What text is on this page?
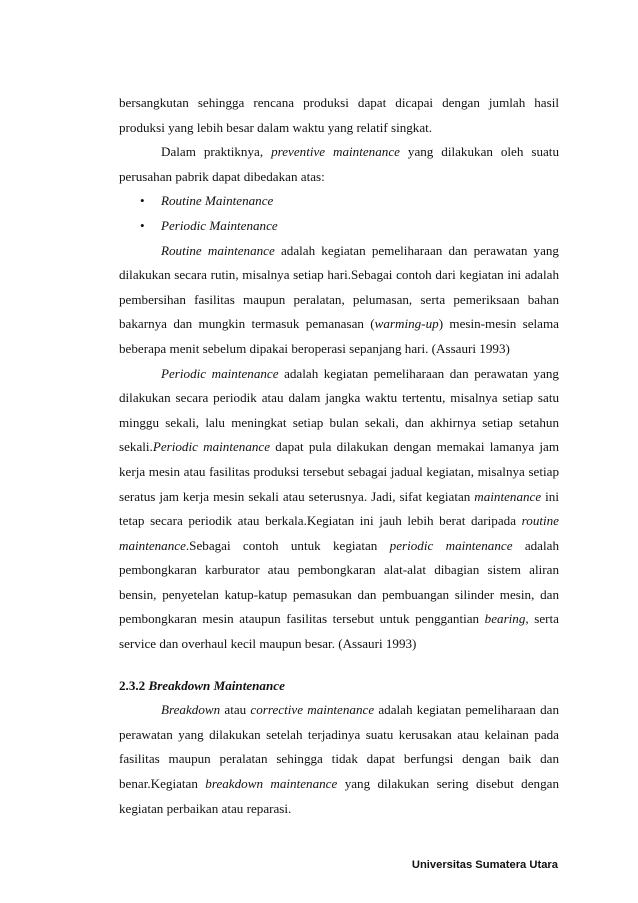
bersangkutan sehingga rencana produksi dapat dicapai dengan jumlah hasil produksi yang lebih besar dalam waktu yang relatif singkat.

Dalam praktiknya, preventive maintenance yang dilakukan oleh suatu perusahan pabrik dapat dibedakan atas:

• Routine Maintenance
• Periodic Maintenance

Routine maintenance adalah kegiatan pemeliharaan dan perawatan yang dilakukan secara rutin, misalnya setiap hari.Sebagai contoh dari kegiatan ini adalah pembersihan fasilitas maupun peralatan, pelumasan, serta pemeriksaan bahan bakarnya dan mungkin termasuk pemanasan (warming-up) mesin-mesin selama beberapa menit sebelum dipakai beroperasi sepanjang hari. (Assauri 1993)

Periodic maintenance adalah kegiatan pemeliharaan dan perawatan yang dilakukan secara periodik atau dalam jangka waktu tertentu, misalnya setiap satu minggu sekali, lalu meningkat setiap bulan sekali, dan akhirnya setiap setahun sekali.Periodic maintenance dapat pula dilakukan dengan memakai lamanya jam kerja mesin atau fasilitas produksi tersebut sebagai jadual kegiatan, misalnya setiap seratus jam kerja mesin sekali atau seterusnya. Jadi, sifat kegiatan maintenance ini tetap secara periodik atau berkala.Kegiatan ini jauh lebih berat daripada routine maintenance.Sebagai contoh untuk kegiatan periodic maintenance adalah pembongkaran karburator atau pembongkaran alat-alat dibagian sistem aliran bensin, penyetelan katup-katup pemasukan dan pembuangan silinder mesin, dan pembongkaran mesin ataupun fasilitas tersebut untuk penggantian bearing, serta service dan overhaul kecil maupun besar. (Assauri 1993)

2.3.2 Breakdown Maintenance

Breakdown atau corrective maintenance adalah kegiatan pemeliharaan dan perawatan yang dilakukan setelah terjadinya suatu kerusakan atau kelainan pada fasilitas maupun peralatan sehingga tidak dapat berfungsi dengan baik dan benar.Kegiatan breakdown maintenance yang dilakukan sering disebut dengan kegiatan perbaikan atau reparasi.

Universitas Sumatera Utara
